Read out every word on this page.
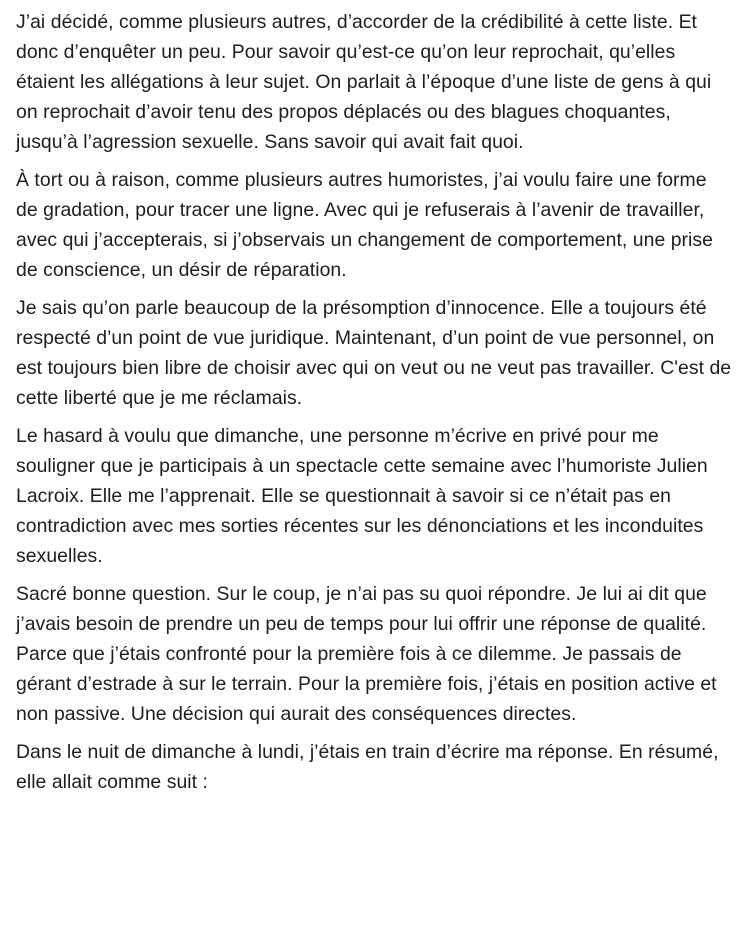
J’ai décidé, comme plusieurs autres, d’accorder de la crédibilité à cette liste. Et donc d’enquêter un peu. Pour savoir qu’est-ce qu’on leur reprochait, qu’elles étaient les allégations à leur sujet. On parlait à l’époque d’une liste de gens à qui on reprochait d’avoir tenu des propos déplacés ou des blagues choquantes, jusqu’à l’agression sexuelle. Sans savoir qui avait fait quoi.

À tort ou à raison, comme plusieurs autres humoristes, j’ai voulu faire une forme de gradation, pour tracer une ligne. Avec qui je refuserais à l’avenir de travailler, avec qui j’accepterais, si j’observais un changement de comportement, une prise de conscience, un désir de réparation.

Je sais qu’on parle beaucoup de la présomption d’innocence. Elle a toujours été respecté d’un point de vue juridique. Maintenant, d’un point de vue personnel, on est toujours bien libre de choisir avec qui on veut ou ne veut pas travailler. C'est de cette liberté que je me réclamais.

Le hasard à voulu que dimanche, une personne m’écrive en privé pour me souligner que je participais à un spectacle cette semaine avec l’humoriste Julien Lacroix. Elle me l’apprenait. Elle se questionnait à savoir si ce n’était pas en contradiction avec mes sorties récentes sur les dénonciations et les inconduites sexuelles.

Sacré bonne question. Sur le coup, je n’ai pas su quoi répondre. Je lui ai dit que j’avais besoin de prendre un peu de temps pour lui offrir une réponse de qualité. Parce que j’étais confronté pour la première fois à ce dilemme. Je passais de gérant d’estrade à sur le terrain. Pour la première fois, j’étais en position active et non passive. Une décision qui aurait des conséquences directes.

Dans le nuit de dimanche à lundi, j’étais en train d’écrire ma réponse. En résumé, elle allait comme suit :
